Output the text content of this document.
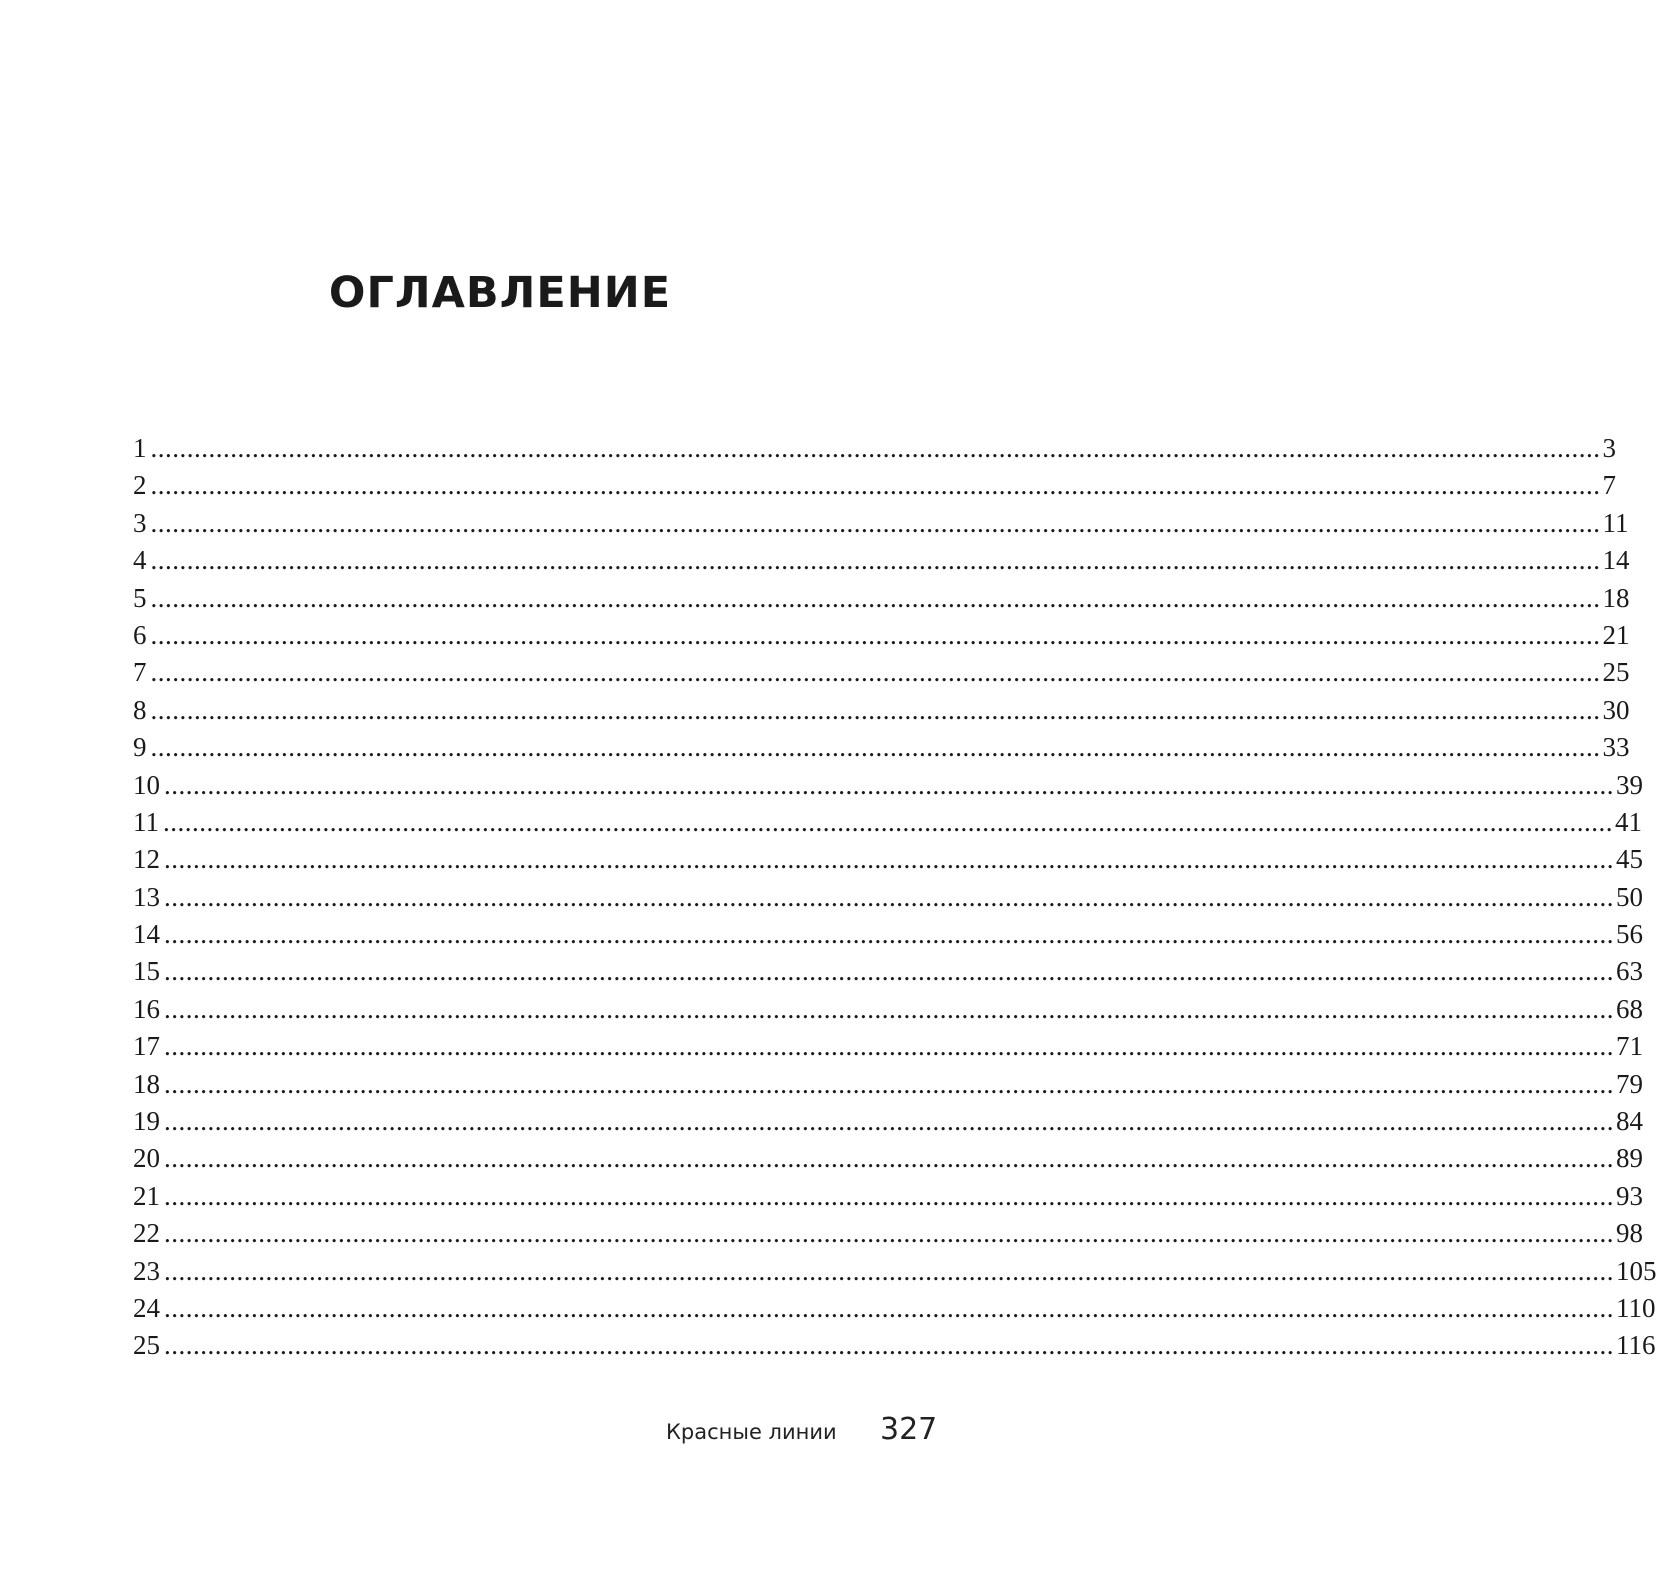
ОГЛАВЛЕНИЕ
1 ........................................................................................................................................................................................................ 3
2 ........................................................................................................................................................................................................ 7
3 ........................................................................................................................................................................................................ 11
4 ........................................................................................................................................................................................................ 14
5 ........................................................................................................................................................................................................ 18
6 ........................................................................................................................................................................................................ 21
7 ........................................................................................................................................................................................................ 25
8 ........................................................................................................................................................................................................ 30
9 ........................................................................................................................................................................................................ 33
10 ........................................................................................................................................................................................................ 39
11 ........................................................................................................................................................................................................ 41
12 ........................................................................................................................................................................................................ 45
13 ........................................................................................................................................................................................................ 50
14 ........................................................................................................................................................................................................ 56
15 ........................................................................................................................................................................................................ 63
16 ........................................................................................................................................................................................................ 68
17 ........................................................................................................................................................................................................ 71
18 ........................................................................................................................................................................................................ 79
19 ........................................................................................................................................................................................................ 84
20 ........................................................................................................................................................................................................ 89
21 ........................................................................................................................................................................................................ 93
22 ........................................................................................................................................................................................................ 98
23 ........................................................................................................................................................................................................ 105
24 ........................................................................................................................................................................................................ 110
25 ........................................................................................................................................................................................................ 116
Красные линии 327
